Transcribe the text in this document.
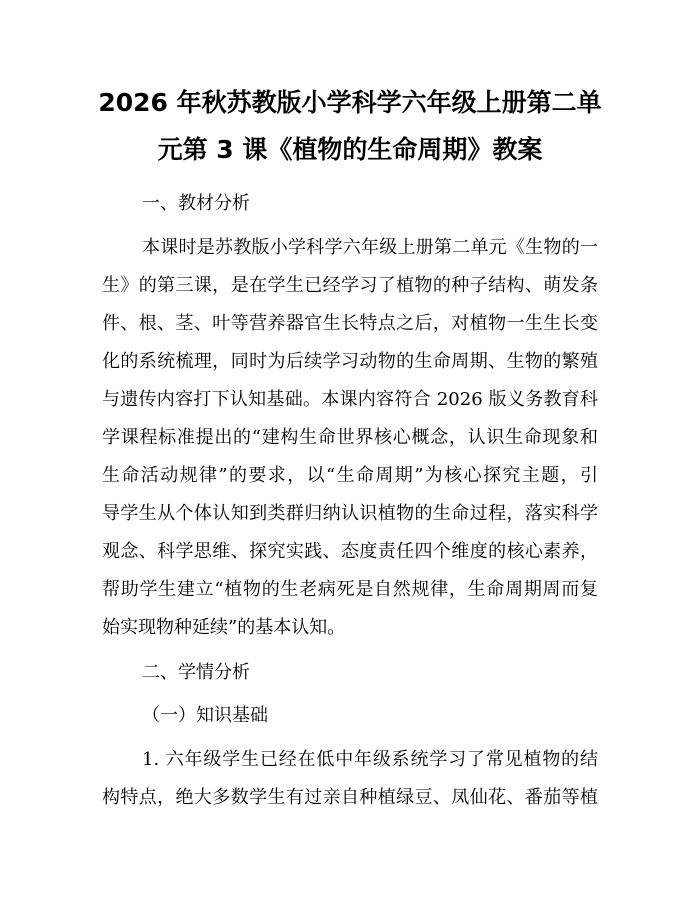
2026 年秋苏教版小学科学六年级上册第二单
元第 3 课《植物的生命周期》教案
一、教材分析
本课时是苏教版小学科学六年级上册第二单元《生物的一
生》的第三课，是在学生已经学习了植物的种子结构、萌发条
件、根、茎、叶等营养器官生长特点之后，对植物一生生长变
化的系统梳理，同时为后续学习动物的生命周期、生物的繁殖
与遗传内容打下认知基础。本课内容符合 2026 版义务教育科
学课程标准提出的“建构生命世界核心概念，认识生命现象和
生命活动规律”的要求，以“生命周期”为核心探究主题，引
导学生从个体认知到类群归纳认识植物的生命过程，落实科学
观念、科学思维、探究实践、态度责任四个维度的核心素养，
帮助学生建立“植物的生老病死是自然规律，生命周期周而复
始实现物种延续”的基本认知。
二、学情分析
（一）知识基础
1. 六年级学生已经在低中年级系统学习了常见植物的结
构特点，绝大多数学生有过亲自种植绿豆、凤仙花、番茄等植
